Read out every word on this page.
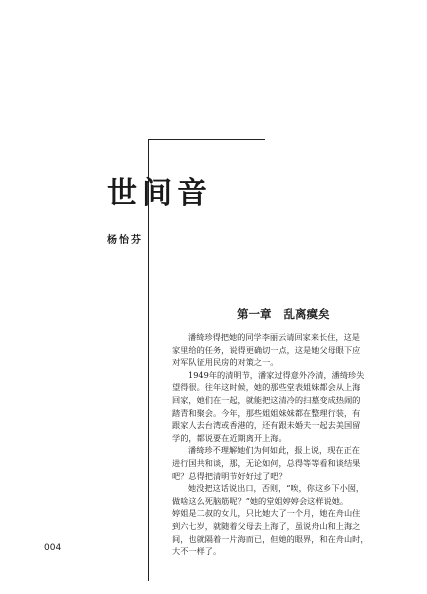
世间音
杨怡芬
第一章 乱离瘼矣
潘绮珍得把她的同学李丽云请回家来长住，这是
家里给的任务，说得更确切一点，这是她父母眼下应
对军队征用民房的对策之一。
1949年的清明节，潘家过得意外冷清，潘绮珍失
望得很。往年这时候，她的那些堂表姐妹都会从上海
回家，她们在一起，就能把这清冷的扫墓变成热闹的
踏青和聚会。今年，那些姐姐妹妹都在整理行装，有
跟家人去台湾或香港的，还有跟未婚夫一起去美国留
学的，都说要在近期离开上海。
潘绮珍不理解她们为何如此，报上说，现在正在
进行国共和谈，那，无论如何，总得等等看和谈结果
吧？总得把清明节好好过了吧？
她没把这话说出口，否则，“唉，你这乡下小囡，
做啥这么死脑筋呢？”她的堂姐婷婷会这样说她。
婷姐是二叔的女儿，只比她大了一个月，她在舟山住
到六七岁，就随着父母去上海了，虽说舟山和上海之
间，也就隔着一片海而已，但她的眼界，和在舟山时，
大不一样了。
004
